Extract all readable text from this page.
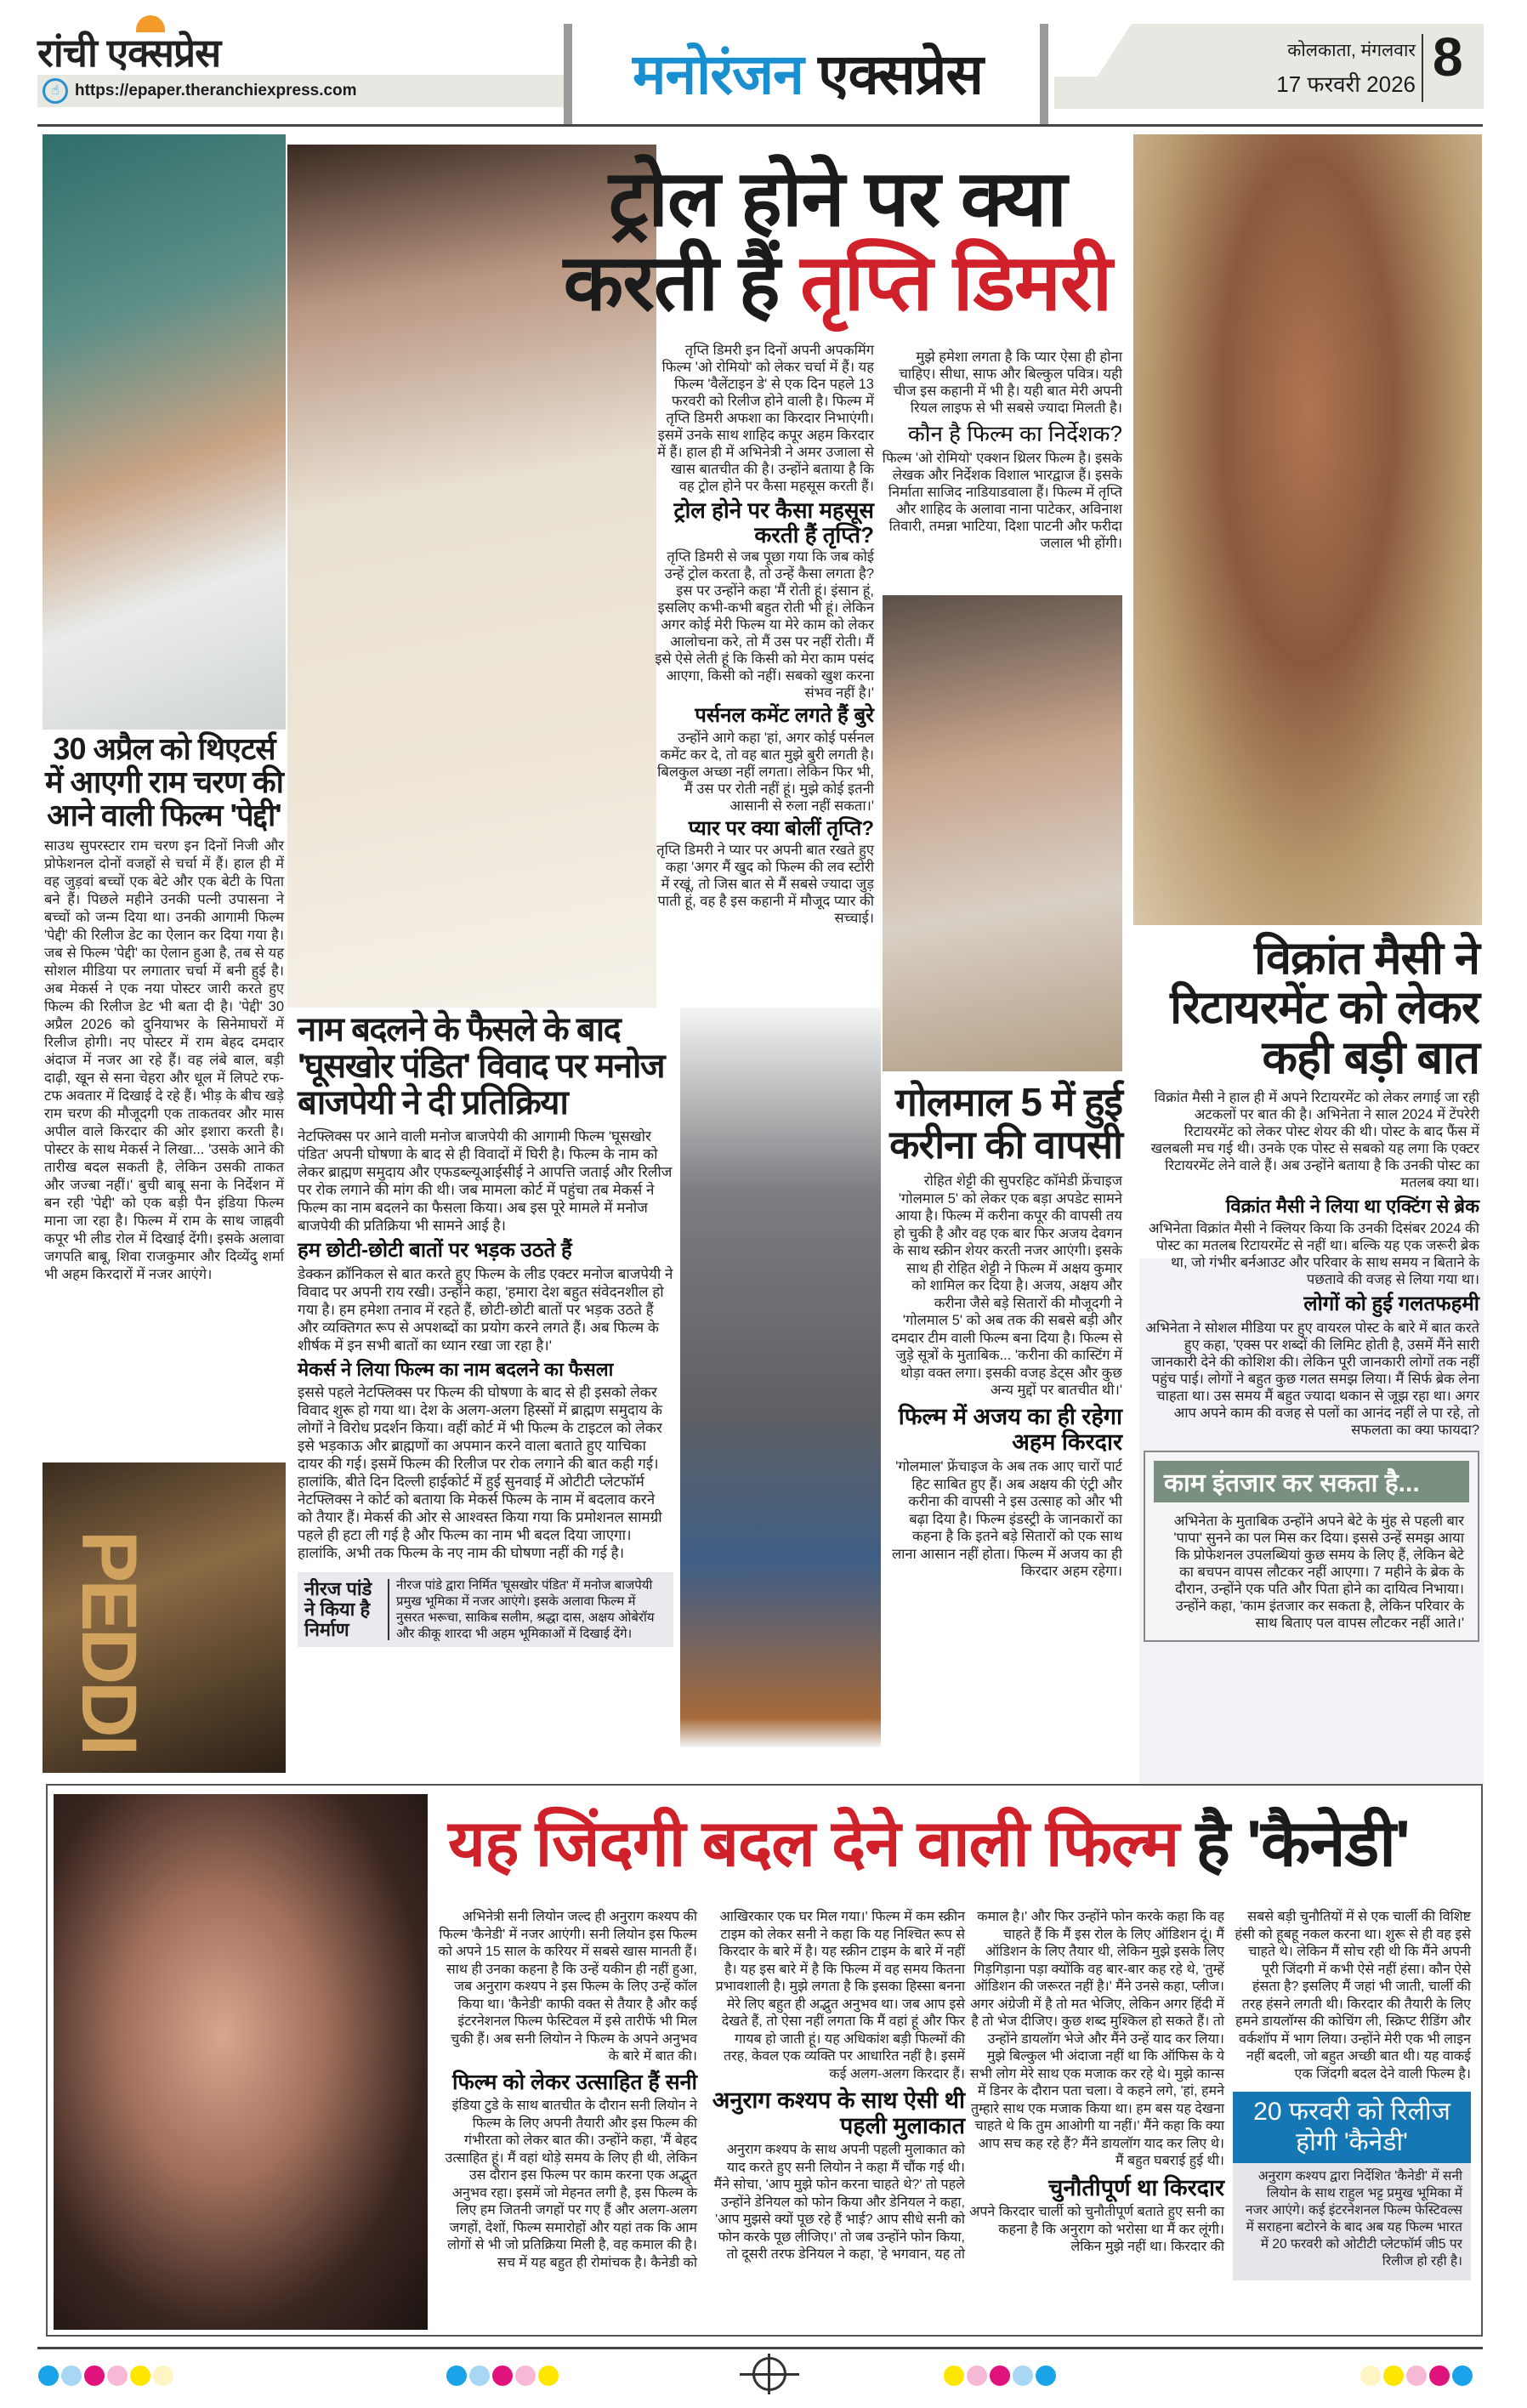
रांची एक्सप्रेस
https://epaper.theranchiexpress.com
☝	मनोरंजन एक्सप्रेस	कोलकाता, मंगलवार
17 फरवरी 2026 8
PEDDI
ट्रोल होने पर क्या
करती हैं तृप्ति डिमरी

तृप्ति डिमरी इन दिनों अपनी अपकमिंग फिल्म 'ओ रोमियो' को लेकर चर्चा में हैं। यह फिल्म 'वैलेंटाइन डे' से एक दिन पहले 13 फरवरी को रिलीज होने वाली है। फिल्म में तृप्ति डिमरी अफशा का किरदार निभाएंगी। इसमें उनके साथ शाहिद कपूर अहम किरदार में हैं। हाल ही में अभिनेत्री ने अमर उजाला से खास बातचीत की है। उन्होंने बताया है कि वह ट्रोल होने पर कैसा महसूस करती हैं।

ट्रोल होने पर कैसा महसूस करती हैं तृप्ति?

तृप्ति डिमरी से जब पूछा गया कि जब कोई उन्हें ट्रोल करता है, तो उन्हें कैसा लगता है? इस पर उन्होंने कहा 'मैं रोती हूं। इंसान हूं, इसलिए कभी-कभी बहुत रोती भी हूं। लेकिन अगर कोई मेरी फिल्म या मेरे काम को लेकर आलोचना करे, तो मैं उस पर नहीं रोती। मैं इसे ऐसे लेती हूं कि किसी को मेरा काम पसंद आएगा, किसी को नहीं। सबको खुश करना संभव नहीं है।'

पर्सनल कमेंट लगते हैं बुरे

उन्होंने आगे कहा 'हां, अगर कोई पर्सनल कमेंट कर दे, तो वह बात मुझे बुरी लगती है। बिलकुल अच्छा नहीं लगता। लेकिन फिर भी, मैं उस पर रोती नहीं हूं। मुझे कोई इतनी आसानी से रुला नहीं सकता।'

प्यार पर क्या बोलीं तृप्ति?

तृप्ति डिमरी ने प्यार पर अपनी बात रखते हुए कहा 'अगर मैं खुद को फिल्म की लव स्टोरी में रखूं, तो जिस बात से मैं सबसे ज्यादा जुड़ पाती हूं, वह है इस कहानी में मौजूद प्यार की सच्चाई।

मुझे हमेशा लगता है कि प्यार ऐसा ही होना चाहिए। सीधा, साफ और बिल्कुल पवित्र। यही चीज इस कहानी में भी है। यही बात मेरी अपनी रियल लाइफ से भी सबसे ज्यादा मिलती है।

कौन है फिल्म का निर्देशक?

फिल्म 'ओ रोमियो' एक्शन थ्रिलर फिल्म है। इसके लेखक और निर्देशक विशाल भारद्वाज हैं। इसके निर्माता साजिद नाडियाडवाला हैं। फिल्म में तृप्ति और शाहिद के अलावा नाना पाटेकर, अविनाश तिवारी, तमन्ना भाटिया, दिशा पाटनी और फरीदा जलाल भी होंगी।

30 अप्रैल को थिएटर्स में आएगी राम चरण की आने वाली फिल्म 'पेद्दी'

साउथ सुपरस्टार राम चरण इन दिनों निजी और प्रोफेशनल दोनों वजहों से चर्चा में हैं। हाल ही में वह जुड़वां बच्चों एक बेटे और एक बेटी के पिता बने हैं। पिछले महीने उनकी पत्नी उपासना ने बच्चों को जन्म दिया था। उनकी आगामी फिल्म 'पेद्दी' की रिलीज डेट का ऐलान कर दिया गया है। जब से फिल्म 'पेद्दी' का ऐलान हुआ है, तब से यह सोशल मीडिया पर लगातार चर्चा में बनी हुई है। अब मेकर्स ने एक नया पोस्टर जारी करते हुए फिल्म की रिलीज डेट भी बता दी है। 'पेद्दी' 30 अप्रैल 2026 को दुनियाभर के सिनेमाघरों में रिलीज होगी। नए पोस्टर में राम बेहद दमदार अंदाज में नजर आ रहे हैं। वह लंबे बाल, बड़ी दाढ़ी, खून से सना चेहरा और धूल में लिपटे रफ-टफ अवतार में दिखाई दे रहे हैं। भीड़ के बीच खड़े राम चरण की मौजूदगी एक ताकतवर और मास अपील वाले किरदार की ओर इशारा करती है। पोस्टर के साथ मेकर्स ने लिखा... 'उसके आने की तारीख बदल सकती है, लेकिन उसकी ताकत और जज्बा नहीं।' बुची बाबू सना के निर्देशन में बन रही 'पेद्दी' को एक बड़ी पैन इंडिया फिल्म माना जा रहा है। फिल्म में राम के साथ जाह्नवी कपूर भी लीड रोल में दिखाई देंगी। इसके अलावा जगपति बाबू, शिवा राजकुमार और दिव्येंदु शर्मा भी अहम किरदारों में नजर आएंगे।

विक्रांत मैसी ने रिटायरमेंट को लेकर कही बड़ी बात

विक्रांत मैसी ने हाल ही में अपने रिटायरमेंट को लेकर लगाई जा रही अटकलों पर बात की है। अभिनेता ने साल 2024 में टेंपरेरी रिटायरमेंट को लेकर पोस्ट शेयर की थी। पोस्ट के बाद फैंस में खलबली मच गई थी। उनके एक पोस्ट से सबको यह लगा कि एक्टर रिटायरमेंट लेने वाले हैं। अब उन्होंने बताया है कि उनकी पोस्ट का मतलब क्या था।

विक्रांत मैसी ने लिया था एक्टिंग से ब्रेक

अभिनेता विक्रांत मैसी ने क्लियर किया कि उनकी दिसंबर 2024 की पोस्ट का मतलब रिटायरमेंट से नहीं था। बल्कि यह एक जरूरी ब्रेक था, जो गंभीर बर्नआउट और परिवार के साथ समय न बिताने के पछतावे की वजह से लिया गया था।

लोगों को हुई गलतफहमी

अभिनेता ने सोशल मीडिया पर हुए वायरल पोस्ट के बारे में बात करते हुए कहा, 'एक्स पर शब्दों की लिमिट होती है, उसमें मैंने सारी जानकारी देने की कोशिश की। लेकिन पूरी जानकारी लोगों तक नहीं पहुंच पाई। लोगों ने बहुत कुछ गलत समझ लिया। मैं सिर्फ ब्रेक लेना चाहता था। उस समय मैं बहुत ज्यादा थकान से जूझ रहा था। अगर आप अपने काम की वजह से पलों का आनंद नहीं ले पा रहे, तो सफलता का क्या फायदा?

काम इंतजार कर सकता है...

अभिनेता के मुताबिक उन्होंने अपने बेटे के मुंह से पहली बार 'पापा' सुनने का पल मिस कर दिया। इससे उन्हें समझ आया कि प्रोफेशनल उपलब्धियां कुछ समय के लिए हैं, लेकिन बेटे का बचपन वापस लौटकर नहीं आएगा। 7 महीने के ब्रेक के दौरान, उन्होंने एक पति और पिता होने का दायित्व निभाया। उन्होंने कहा, 'काम इंतजार कर सकता है, लेकिन परिवार के साथ बिताए पल वापस लौटकर नहीं आते।'

नाम बदलने के फैसले के बाद 'घूसखोर पंडित' विवाद पर मनोज बाजपेयी ने दी प्रतिक्रिया

नेटफ्लिक्स पर आने वाली मनोज बाजपेयी की आगामी फिल्म 'घूसखोर पंडित' अपनी घोषणा के बाद से ही विवादों में घिरी है। फिल्म के नाम को लेकर ब्राह्मण समुदाय और एफडब्ल्यूआईसीई ने आपत्ति जताई और रिलीज पर रोक लगाने की मांग की थी। जब मामला कोर्ट में पहुंचा तब मेकर्स ने फिल्म का नाम बदलने का फैसला किया। अब इस पूरे मामले में मनोज बाजपेयी की प्रतिक्रिया भी सामने आई है।

हम छोटी-छोटी बातों पर भड़क उठते हैं

डेक्कन क्रॉनिकल से बात करते हुए फिल्म के लीड एक्टर मनोज बाजपेयी ने विवाद पर अपनी राय रखी। उन्होंने कहा, 'हमारा देश बहुत संवेदनशील हो गया है। हम हमेशा तनाव में रहते हैं, छोटी-छोटी बातों पर भड़क उठते हैं और व्यक्तिगत रूप से अपशब्दों का प्रयोग करने लगते हैं। अब फिल्म के शीर्षक में इन सभी बातों का ध्यान रखा जा रहा है।'

मेकर्स ने लिया फिल्म का नाम बदलने का फैसला

इससे पहले नेटफ्लिक्स पर फिल्म की घोषणा के बाद से ही इसको लेकर विवाद शुरू हो गया था। देश के अलग-अलग हिस्सों में ब्राह्मण समुदाय के लोगों ने विरोध प्रदर्शन किया। वहीं कोर्ट में भी फिल्म के टाइटल को लेकर इसे भड़काऊ और ब्राह्मणों का अपमान करने वाला बताते हुए याचिका दायर की गई। इसमें फिल्म की रिलीज पर रोक लगाने की बात कही गई। हालांकि, बीते दिन दिल्ली हाईकोर्ट में हुई सुनवाई में ओटीटी प्लेटफॉर्म नेटफ्लिक्स ने कोर्ट को बताया कि मेकर्स फिल्म के नाम में बदलाव करने को तैयार हैं। मेकर्स की ओर से आश्वस्त किया गया कि प्रमोशनल सामग्री पहले ही हटा ली गई है और फिल्म का नाम भी बदल दिया जाएगा। हालांकि, अभी तक फिल्म के नए नाम की घोषणा नहीं की गई है।

नीरज पांडे ने किया है निर्माण
नीरज पांडे द्वारा निर्मित 'घूसखोर पंडित' में मनोज बाजपेयी प्रमुख भूमिका में नजर आएंगे। इसके अलावा फिल्म में नुसरत भरूचा, साकिब सलीम, श्रद्धा दास, अक्षय ओबेरॉय और कीकू शारदा भी अहम भूमिकाओं में दिखाई देंगे।
गोलमाल 5 में हुई करीना की वापसी

रोहित शेट्टी की सुपरहिट कॉमेडी फ्रेंचाइज 'गोलमाल 5' को लेकर एक बड़ा अपडेट सामने आया है। फिल्म में करीना कपूर की वापसी तय हो चुकी है और वह एक बार फिर अजय देवगन के साथ स्क्रीन शेयर करती नजर आएंगी। इसके साथ ही रोहित शेट्टी ने फिल्म में अक्षय कुमार को शामिल कर दिया है। अजय, अक्षय और करीना जैसे बड़े सितारों की मौजूदगी ने 'गोलमाल 5' को अब तक की सबसे बड़ी और दमदार टीम वाली फिल्म बना दिया है। फिल्म से जुड़े सूत्रों के मुताबिक... 'करीना की कास्टिंग में थोड़ा वक्त लगा। इसकी वजह डेट्स और कुछ अन्य मुद्दों पर बातचीत थी।'

फिल्म में अजय का ही रहेगा अहम किरदार

'गोलमाल' फ्रेंचाइज के अब तक आए चारों पार्ट हिट साबित हुए हैं। अब अक्षय की एंट्री और करीना की वापसी ने इस उत्साह को और भी बढ़ा दिया है। फिल्म इंडस्ट्री के जानकारों का कहना है कि इतने बड़े सितारों को एक साथ लाना आसान नहीं होता। फिल्म में अजय का ही किरदार अहम रहेगा।

यह जिंदगी बदल देने वाली फिल्म है 'कैनेडी'

अभिनेत्री सनी लियोन जल्द ही अनुराग कश्यप की फिल्म 'कैनेडी' में नजर आएंगी। सनी लियोन इस फिल्म को अपने 15 साल के करियर में सबसे खास मानती हैं। साथ ही उनका कहना है कि उन्हें यकीन ही नहीं हुआ, जब अनुराग कश्यप ने इस फिल्म के लिए उन्हें कॉल किया था। 'कैनेडी' काफी वक्त से तैयार है और कई इंटरनेशनल फिल्म फेस्टिवल में इसे तारीफें भी मिल चुकी हैं। अब सनी लियोन ने फिल्म के अपने अनुभव के बारे में बात की।

फिल्म को लेकर उत्साहित हैं सनी

इंडिया टुडे के साथ बातचीत के दौरान सनी लियोन ने फिल्म के लिए अपनी तैयारी और इस फिल्म की गंभीरता को लेकर बात की। उन्होंने कहा, 'मैं बेहद उत्साहित हूं। मैं वहां थोड़े समय के लिए ही थी, लेकिन उस दौरान इस फिल्म पर काम करना एक अद्भुत अनुभव रहा। इसमें जो मेहनत लगी है, इस फिल्म के लिए हम जितनी जगहों पर गए हैं और अलग-अलग जगहों, देशों, फिल्म समारोहों और यहां तक कि आम लोगों से भी जो प्रतिक्रिया मिली है, वह कमाल की है। सच में यह बहुत ही रोमांचक है। कैनेडी को

आखिरकार एक घर मिल गया।' फिल्म में कम स्क्रीन टाइम को लेकर सनी ने कहा कि यह निश्चित रूप से किरदार के बारे में है। यह स्क्रीन टाइम के बारे में नहीं है। यह इस बारे में है कि फिल्म में वह समय कितना प्रभावशाली है। मुझे लगता है कि इसका हिस्सा बनना मेरे लिए बहुत ही अद्भुत अनुभव था। जब आप इसे देखते हैं, तो ऐसा नहीं लगता कि मैं वहां हूं और फिर गायब हो जाती हूं। यह अधिकांश बड़ी फिल्मों की तरह, केवल एक व्यक्ति पर आधारित नहीं है। इसमें कई अलग-अलग किरदार हैं।

अनुराग कश्यप के साथ ऐसी थी पहली मुलाकात

अनुराग कश्यप के साथ अपनी पहली मुलाकात को याद करते हुए सनी लियोन ने कहा मैं चौंक गई थी। मैंने सोचा, 'आप मुझे फोन करना चाहते थे?' तो पहले उन्होंने डेनियल को फोन किया और डेनियल ने कहा, 'आप मुझसे क्यों पूछ रहे हैं भाई? आप सीधे सनी को फोन करके पूछ लीजिए।' तो जब उन्होंने फोन किया, तो दूसरी तरफ डेनियल ने कहा, 'हे भगवान, यह तो

कमाल है।' और फिर उन्होंने फोन करके कहा कि वह चाहते हैं कि मैं इस रोल के लिए ऑडिशन दूं। मैं ऑडिशन के लिए तैयार थी, लेकिन मुझे इसके लिए गिड़गिड़ाना पड़ा क्योंकि वह बार-बार कह रहे थे, 'तुम्हें ऑडिशन की जरूरत नहीं है।' मैंने उनसे कहा, प्लीज। अगर अंग्रेजी में है तो मत भेजिए, लेकिन अगर हिंदी में है तो भेज दीजिए। कुछ शब्द मुश्किल हो सकते हैं। तो उन्होंने डायलॉग भेजे और मैंने उन्हें याद कर लिया। मुझे बिल्कुल भी अंदाजा नहीं था कि ऑफिस के ये सभी लोग मेरे साथ एक मजाक कर रहे थे। मुझे कान्स में डिनर के दौरान पता चला। वे कहने लगे, 'हां, हमने तुम्हारे साथ एक मजाक किया था। हम बस यह देखना चाहते थे कि तुम आओगी या नहीं।' मैंने कहा कि क्या आप सच कह रहे हैं? मैंने डायलॉग याद कर लिए थे। मैं बहुत घबराई हुई थी।

चुनौतीपूर्ण था किरदार

अपने किरदार चार्ली को चुनौतीपूर्ण बताते हुए सनी का कहना है कि अनुराग को भरोसा था मैं कर लूंगी। लेकिन मुझे नहीं था। किरदार की

सबसे बड़ी चुनौतियों में से एक चार्ली की विशिष्ट हंसी को हूबहू नकल करना था। शुरू से ही वह इसे चाहते थे। लेकिन मैं सोच रही थी कि मैंने अपनी पूरी जिंदगी में कभी ऐसे नहीं हंसा। कौन ऐसे हंसता है? इसलिए मैं जहां भी जाती, चार्ली की तरह हंसने लगती थी। किरदार की तैयारी के लिए हमने डायलॉग्स की कोचिंग ली, स्क्रिप्ट रीडिंग और वर्कशॉप में भाग लिया। उन्होंने मेरी एक भी लाइन नहीं बदली, जो बहुत अच्छी बात थी। यह वाकई एक जिंदगी बदल देने वाली फिल्म है।

20 फरवरी को रिलीज होगी 'कैनेडी'

अनुराग कश्यप द्वारा निर्देशित 'कैनेडी' में सनी लियोन के साथ राहुल भट्ट प्रमुख भूमिका में नजर आएंगे। कई इंटरनेशनल फिल्म फेस्टिवल्स में सराहना बटोरने के बाद अब यह फिल्म भारत में 20 फरवरी को ओटीटी प्लेटफॉर्म जी5 पर रिलीज हो रही है।
